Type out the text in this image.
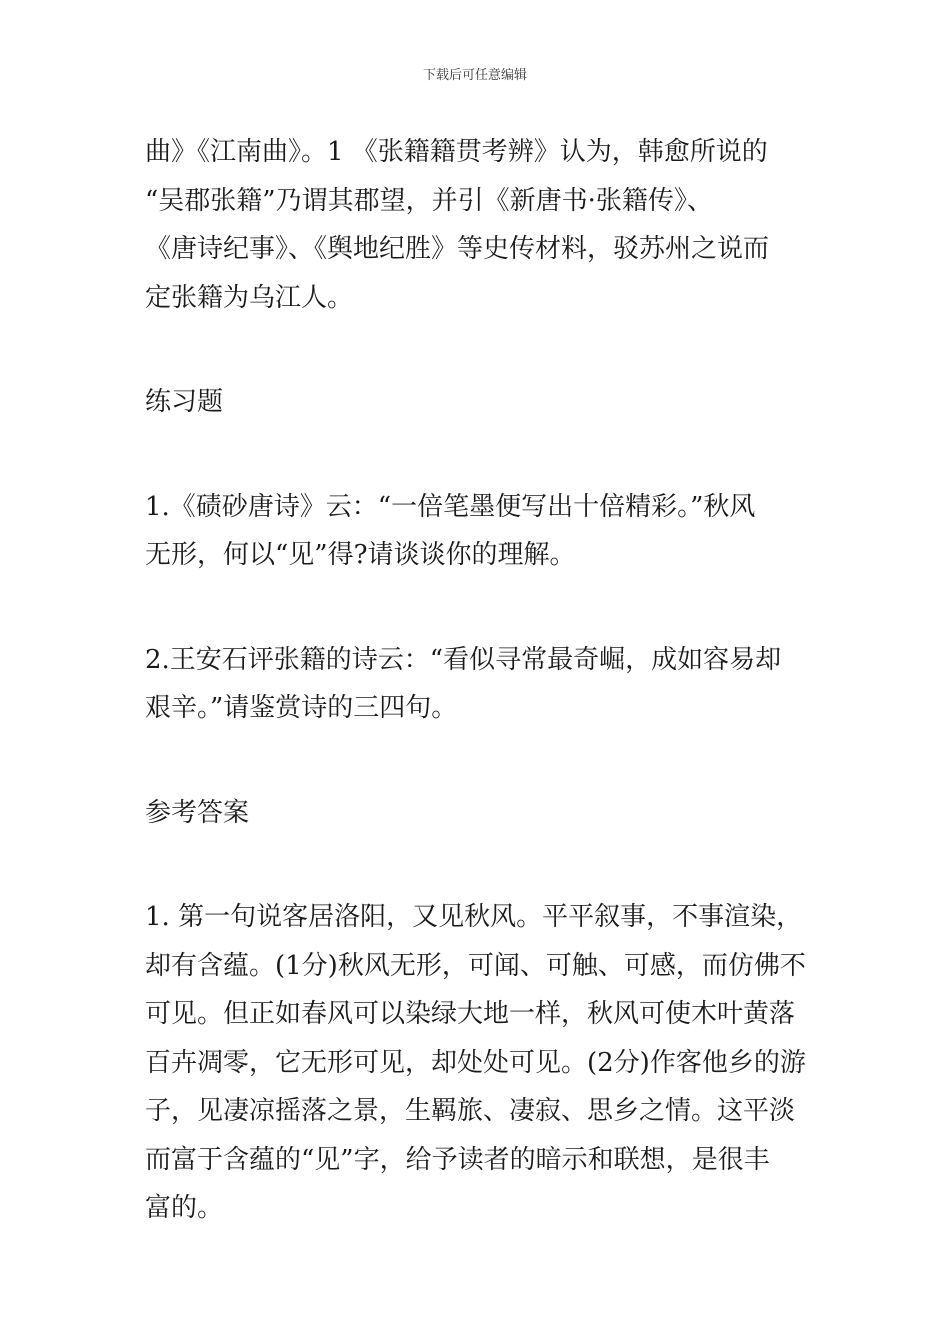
下载后可任意编辑
曲》《江南曲》。1 《张籍籍贯考辨》认为，韩愈所说的
“吴郡张籍”乃谓其郡望，并引《新唐书·张籍传》、
《唐诗纪事》、《舆地纪胜》等史传材料，驳苏州之说而
定张籍为乌江人。
练习题
1.《碛砂唐诗》云：“一倍笔墨便写出十倍精彩。”秋风
无形，何以“见”得?请谈谈你的理解。
2.王安石评张籍的诗云：“看似寻常最奇崛，成如容易却
艰辛。”请鉴赏诗的三四句。
参考答案
1. 第一句说客居洛阳，又见秋风。平平叙事，不事渲染，
却有含蕴。(1分)秋风无形，可闻、可触、可感，而仿佛不
可见。但正如春风可以染绿大地一样，秋风可使木叶黄落
百卉凋零，它无形可见，却处处可见。(2分)作客他乡的游
子，见凄凉摇落之景，生羁旅、凄寂、思乡之情。这平淡
而富于含蕴的“见”字，给予读者的暗示和联想，是很丰
富的。
